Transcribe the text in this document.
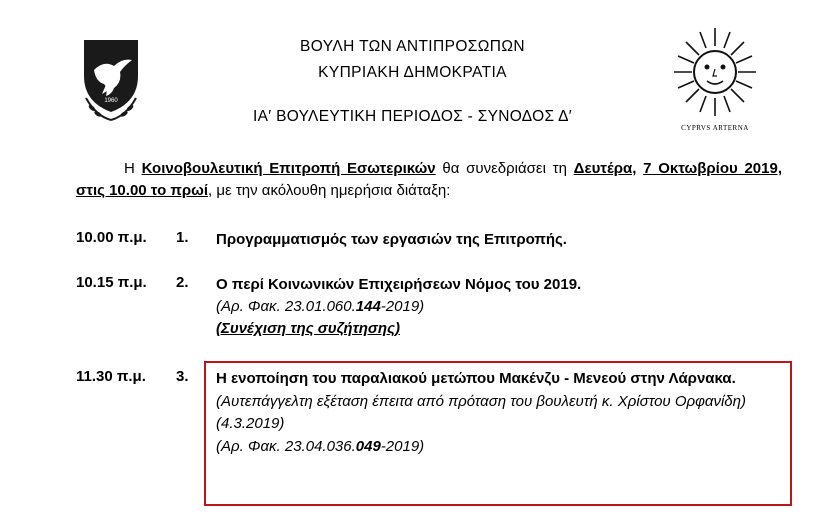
1960
ΒΟΥΛΗ ΤΩΝ ΑΝΤΙΠΡΟΣΩΠΩΝ
ΚΥΠΡΙΑΚΗ ΔΗΜΟΚΡΑΤΙΑ
ΙΑ′ ΒΟΥΛΕΥΤΙΚΗ ΠΕΡΙΟΔΟΣ - ΣΥΝΟΔΟΣ Δ′
CYPRVS ARTERNA
Η Κοινοβουλευτική Επιτροπή Εσωτερικών θα συνεδριάσει τη Δευτέρα, 7 Οκτωβρίου 2019, στις 10.00 το πρωί, με την ακόλουθη ημερήσια διάταξη:
10.00 π.μ. 1. Προγραμματισμός των εργασιών της Επιτροπής.
10.15 π.μ. 2. Ο περί Κοινωνικών Επιχειρήσεων Νόμος του 2019.
(Αρ. Φακ. 23.01.060.144-2019)
(Συνέχιση της συζήτησης)
11.30 π.μ. 3. Η ενοποίηση του παραλιακού μετώπου Μακένζυ - Μενεού στην Λάρνακα.
(Αυτεπάγγελτη εξέταση έπειτα από πρόταση του βουλευτή κ. Χρίστου Ορφανίδη)
(4.3.2019)
(Αρ. Φακ. 23.04.036.049-2019)
